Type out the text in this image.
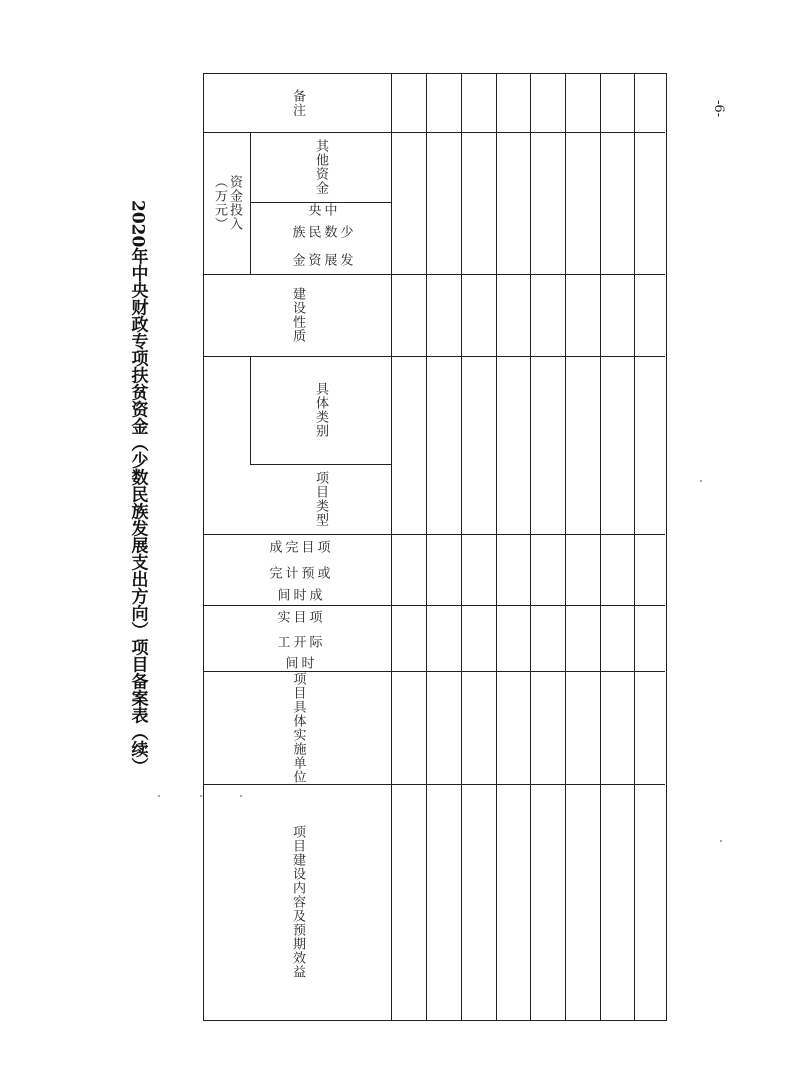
-6-
2020年中央财政专项扶贫资金（少数民族发展支出方向）项目备案表（续）
备注
资金投入
（万元）
其他资金
中 央
少数民族
发展资金
建设性质
具体类别
项目类型
项目完成
或预计完
成时间
项目实
际开工
时间
项目具体实施
单位
项目建设内容及预期效益
